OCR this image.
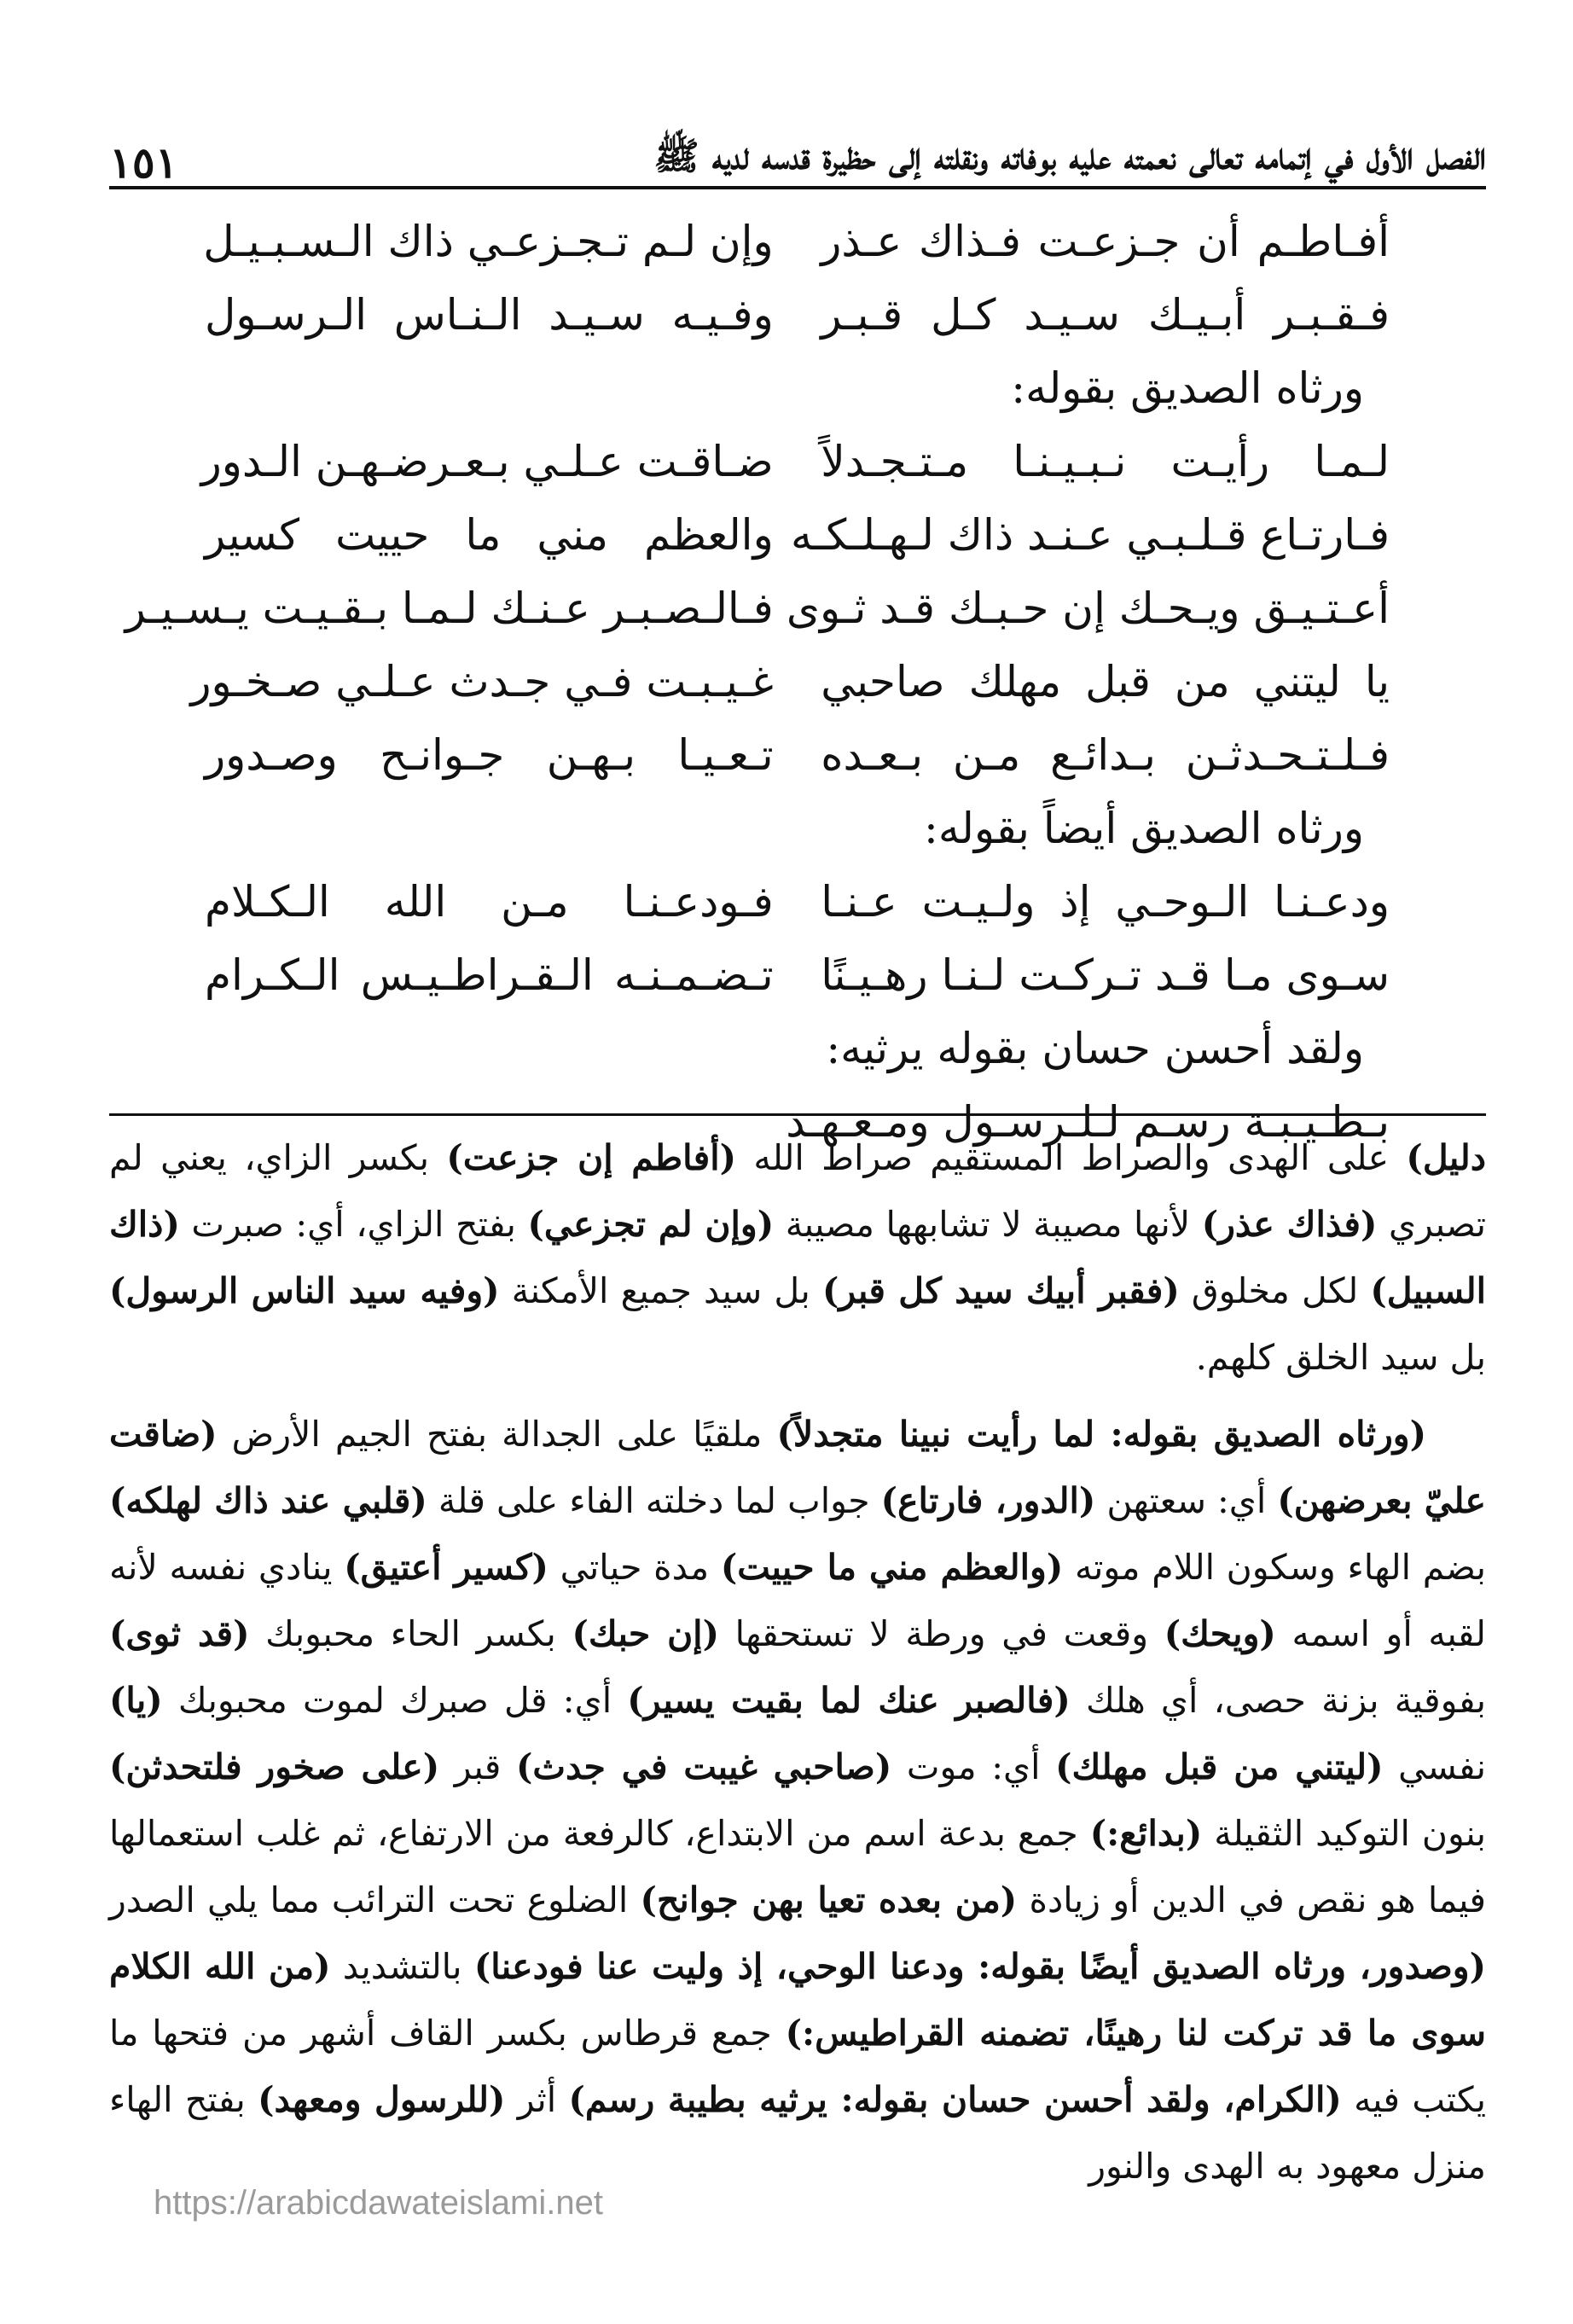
الفصل الأول في إتمامه تعالى نعمته عليه بوفاته ونقلته إلى حظيرة قدسه لديه ﷺ
١٥١
أفـاطـم أن جـزعـت فـذاك عـذر
وإن لـم تـجـزعـي ذاك الـسـبـيـل
فـقـبـر أبـيـك سـيـد كـل قـبـر
وفـيـه سـيـد الـنـاس الـرسـول
ورثاه الصديق بقوله:
لـمـا رأيـت نـبـيـنـا مـتـجـدلاً
ضـاقـت عـلـي بـعـرضـهـن الـدور
فـارتـاع قـلـبـي عـنـد ذاك لـهـلـكـه
والعظم مني ما حييت كسير
أعـتـيـق ويـحـك إن حـبـك قـد ثـوى
فـالـصـبـر عـنـك لـمـا بـقـيـت يـسـيـر
يا ليتني من قبل مهلك صاحبي
غـيـبـت فـي جـدث عـلـي صـخـور
فـلـتـحـدثـن بـدائـع مـن بـعـده
تـعـيـا بـهـن جـوانـح وصـدور
ورثاه الصديق أيضاً بقوله:
ودعـنـا الـوحـي إذ ولـيـت عـنـا
فـودعـنـا مـن الله الـكـلام
سـوى مـا قـد تـركـت لـنـا رهـيـنًا
تـضـمـنـه الـقـراطـيـس الـكـرام
ولقد أحسن حسان بقوله يرثيه:
بـطـيـبـة رسـم لـلـرسـول ومـعـهـد

دليل) على الهدى والصراط المستقيم صراط الله (أفاطم إن جزعت) بكسر الزاي، يعني لم تصبري (فذاك عذر) لأنها مصيبة لا تشابهها مصيبة (وإن لم تجزعي) بفتح الزاي، أي: صبرت (ذاك السبيل) لكل مخلوق (فقبر أبيك سيد كل قبر) بل سيد جميع الأمكنة (وفيه سيد الناس الرسول) بل سيد الخلق كلهم.

(ورثاه الصديق بقوله: لما رأيت نبينا متجدلاً) ملقيًا على الجدالة بفتح الجيم الأرض (ضاقت عليّ بعرضهن) أي: سعتهن (الدور، فارتاع) جواب لما دخلته الفاء على قلة (قلبي عند ذاك لهلكه) بضم الهاء وسكون اللام موته (والعظم مني ما حييت) مدة حياتي (كسير أعتيق) ينادي نفسه لأنه لقبه أو اسمه (ويحك) وقعت في ورطة لا تستحقها (إن حبك) بكسر الحاء محبوبك (قد ثوى) بفوقية بزنة حصى، أي هلك (فالصبر عنك لما بقيت يسير) أي: قل صبرك لموت محبوبك (يا) نفسي (ليتني من قبل مهلك) أي: موت (صاحبي غيبت في جدث) قبر (على صخور فلتحدثن) بنون التوكيد الثقيلة (بدائع:) جمع بدعة اسم من الابتداع، كالرفعة من الارتفاع، ثم غلب استعمالها فيما هو نقص في الدين أو زيادة (من بعده تعيا بهن جوانح) الضلوع تحت الترائب مما يلي الصدر (وصدور، ورثاه الصديق أيضًا بقوله: ودعنا الوحي، إذ وليت عنا فودعنا) بالتشديد (من الله الكلام سوى ما قد تركت لنا رهينًا، تضمنه القراطيس:) جمع قرطاس بكسر القاف أشهر من فتحها ما يكتب فيه (الكرام، ولقد أحسن حسان بقوله: يرثيه بطيبة رسم) أثر (للرسول ومعهد) بفتح الهاء منزل معهود به الهدى والنور

https://arabicdawateislami.net
